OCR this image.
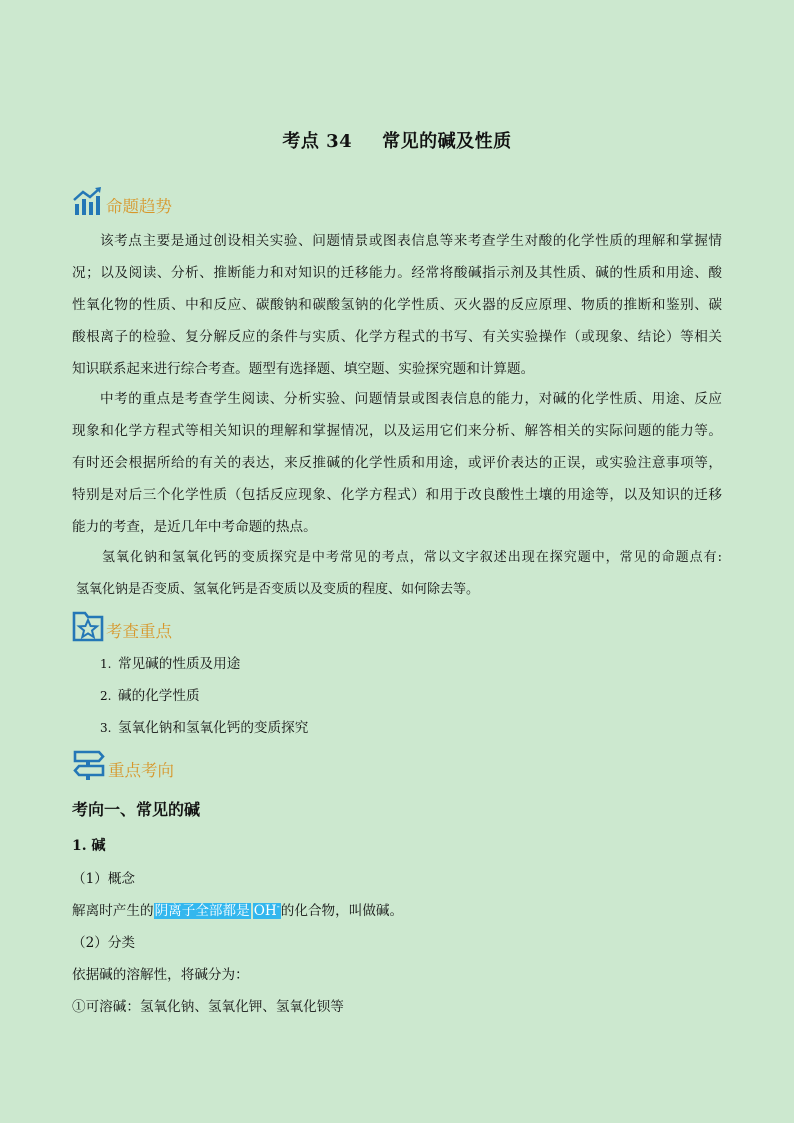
考点 34 常见的碱及性质
命题趋势
该考点主要是通过创设相关实验、问题情景或图表信息等来考查学生对酸的化学性质的理解和掌握情
况；以及阅读、分析、推断能力和对知识的迁移能力。经常将酸碱指示剂及其性质、碱的性质和用途、酸
性氧化物的性质、中和反应、碳酸钠和碳酸氢钠的化学性质、灭火器的反应原理、物质的推断和鉴别、碳
酸根离子的检验、复分解反应的条件与实质、化学方程式的书写、有关实验操作（或现象、结论）等相关
知识联系起来进行综合考查。题型有选择题、填空题、实验探究题和计算题。
中考的重点是考查学生阅读、分析实验、问题情景或图表信息的能力，对碱的化学性质、用途、反应
现象和化学方程式等相关知识的理解和掌握情况，以及运用它们来分析、解答相关的实际问题的能力等。
有时还会根据所给的有关的表达，来反推碱的化学性质和用途，或评价表达的正误，或实验注意事项等，
特别是对后三个化学性质（包括反应现象、化学方程式）和用于改良酸性土壤的用途等，以及知识的迁移
能力的考查，是近几年中考命题的热点。
氢氧化钠和氢氧化钙的变质探究是中考常见的考点，常以文字叙述出现在探究题中，常见的命题点有:
氢氧化钠是否变质、氢氧化钙是否变质以及变质的程度、如何除去等。
考查重点
1. 常见碱的性质及用途
2. 碱的化学性质
3. 氢氧化钠和氢氧化钙的变质探究
重点考向
考向一、常见的碱
1. 碱
（1）概念
解离时产生的阴离子全部都是 OH-的化合物，叫做碱。
（2）分类
依据碱的溶解性，将碱分为：
①可溶碱：氢氧化钠、氢氧化钾、氢氧化钡等
